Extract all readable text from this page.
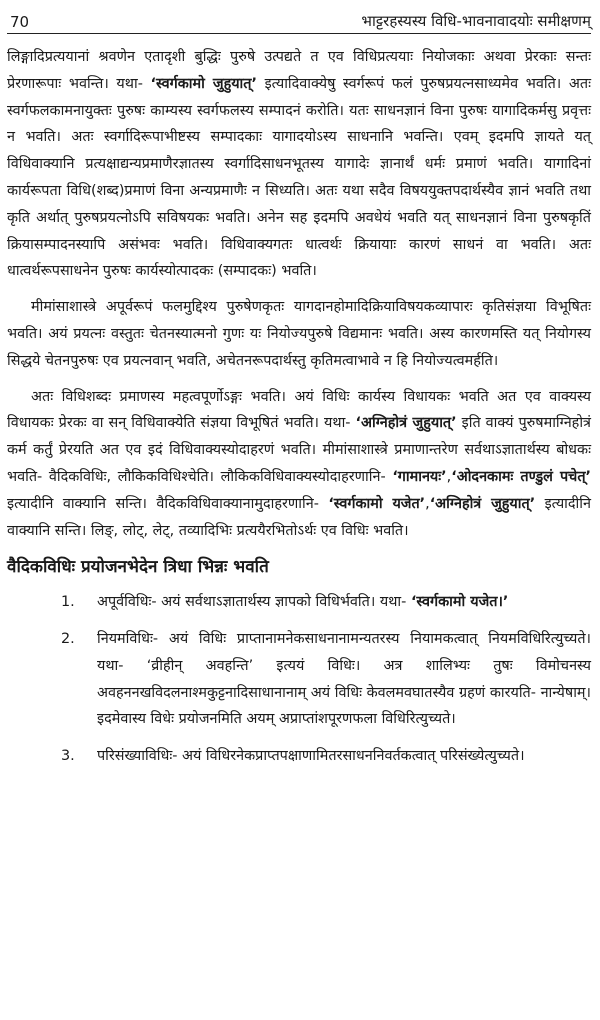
70	भाट्टरहस्यस्य विधि-भावनावादयोः समीक्षणम्

लिङ्गादिप्रत्ययानां श्रवणेन एतादृशी बुद्धिः पुरुषे उत्पद्यते त एव विधिप्रत्ययाः नियोजकाः अथवा प्रेरकाः सन्तः प्रेरणारूपाः भवन्ति। यथा- ‘स्वर्गकामो जुहुयात्’ इत्यादिवाक्येषु स्वर्गरूपं फलं पुरुषप्रयत्नसाध्यमेव भवति। अतः स्वर्गफलकामनायुक्तः पुरुषः काम्यस्य स्वर्गफलस्य सम्पादनं करोति। यतः साधनज्ञानं विना पुरुषः यागादिकर्मसु प्रवृत्तः न भवति। अतः स्वर्गादिरूपाभीष्टस्य सम्पादकाः यागादयोऽस्य साधनानि भवन्ति। एवम् इदमपि ज्ञायते यत् विधिवाक्यानि प्रत्यक्षाद्यन्यप्रमाणैरज्ञातस्य स्वर्गादिसाधनभूतस्य यागादेः ज्ञानार्थं धर्मः प्रमाणं भवति। यागादिनां कार्यरूपता विधि(शब्द)प्रमाणं विना अन्यप्रमाणैः न सिध्यति। अतः यथा सदैव विषययुक्तपदार्थस्यैव ज्ञानं भवति तथा कृति अर्थात् पुरुषप्रयत्नोऽपि सविषयकः भवति। अनेन सह इदमपि अवधेयं भवति यत् साधनज्ञानं विना पुरुषकृतिं क्रियासम्पादनस्यापि असंभवः भवति। विधिवाक्यगतः धात्वर्थः क्रियायाः कारणं साधनं वा भवति। अतः धात्वर्थरूपसाधनेन पुरुषः कार्यस्योत्पादकः (सम्पादकः) भवति।

मीमांसाशास्त्रे अपूर्वरूपं फलमुद्दिश्य पुरुषेणकृतः यागदानहोमादिक्रियाविषयकव्यापारः कृतिसंज्ञया विभूषितः भवति। अयं प्रयत्नः वस्तुतः चेतनस्यात्मनो गुणः यः नियोज्यपुरुषे विद्यमानः भवति। अस्य कारणमस्ति यत् नियोगस्य सिद्धये चेतनपुरुषः एव प्रयत्नवान् भवति, अचेतनरूपदार्थस्तु कृतिमत्वाभावे न हि नियोज्यत्वमर्हति।

अतः विधिशब्दः प्रमाणस्य महत्वपूर्णोऽङ्गः भवति। अयं विधिः कार्यस्य विधायकः भवति अत एव वाक्यस्य विधायकः प्रेरकः वा सन् विधिवाक्येति संज्ञया विभूषितं भवति। यथा- ‘अग्निहोत्रं जुहुयात्’ इति वाक्यं पुरुषमाग्निहोत्रं कर्म कर्तुं प्रेरयति अत एव इदं विधिवाक्यस्योदाहरणं भवति। मीमांसाशास्त्रे प्रमाणान्तरेण सर्वथाऽज्ञातार्थस्य बोधकः भवति- वैदिकविधिः, लौकिकविधिश्चेति। लौकिकविधिवाक्यस्योदाहरणानि- ‘गामानयः’,‘ओदनकामः तण्डुलं पचेत्’ इत्यादीनि वाक्यानि सन्ति। वैदिकविधिवाक्यानामुदाहरणानि- ‘स्वर्गकामो यजेत’,‘अग्निहोत्रं जुहुयात्’ इत्यादीनि वाक्यानि सन्ति। लिङ्, लोट्, लेट्, तव्यादिभिः प्रत्ययैरभितोऽर्थः एव विधिः भवति।

वैदिकविधिः प्रयोजनभेदेन त्रिधा भिन्नः भवति
1.	अपूर्वविधिः- अयं सर्वथाऽज्ञातार्थस्य ज्ञापको विधिर्भवति। यथा- ‘स्वर्गकामो यजेत।’
2.	नियमविधिः- अयं विधिः प्राप्तानामनेकसाधनानामन्यतरस्य नियामकत्वात् नियमविधिरित्युच्यते। यथा- ‘व्रीहीन् अवहन्ति’ इत्ययं विधिः। अत्र शालिभ्यः तुषः विमोचनस्य अवहननखविदलनाश्मकुट्टनादिसाधानानाम् अयं विधिः केवलमवघातस्यैव ग्रहणं कारयति- नान्येषाम्। इदमेवास्य विधेः प्रयोजनमिति अयम् अप्राप्तांशपूरणफला विधिरित्युच्यते।
3.	परिसंख्याविधिः- अयं विधिरनेकप्राप्तपक्षाणामितरसाधननिवर्तकत्वात् परिसंख्येत्युच्यते।
